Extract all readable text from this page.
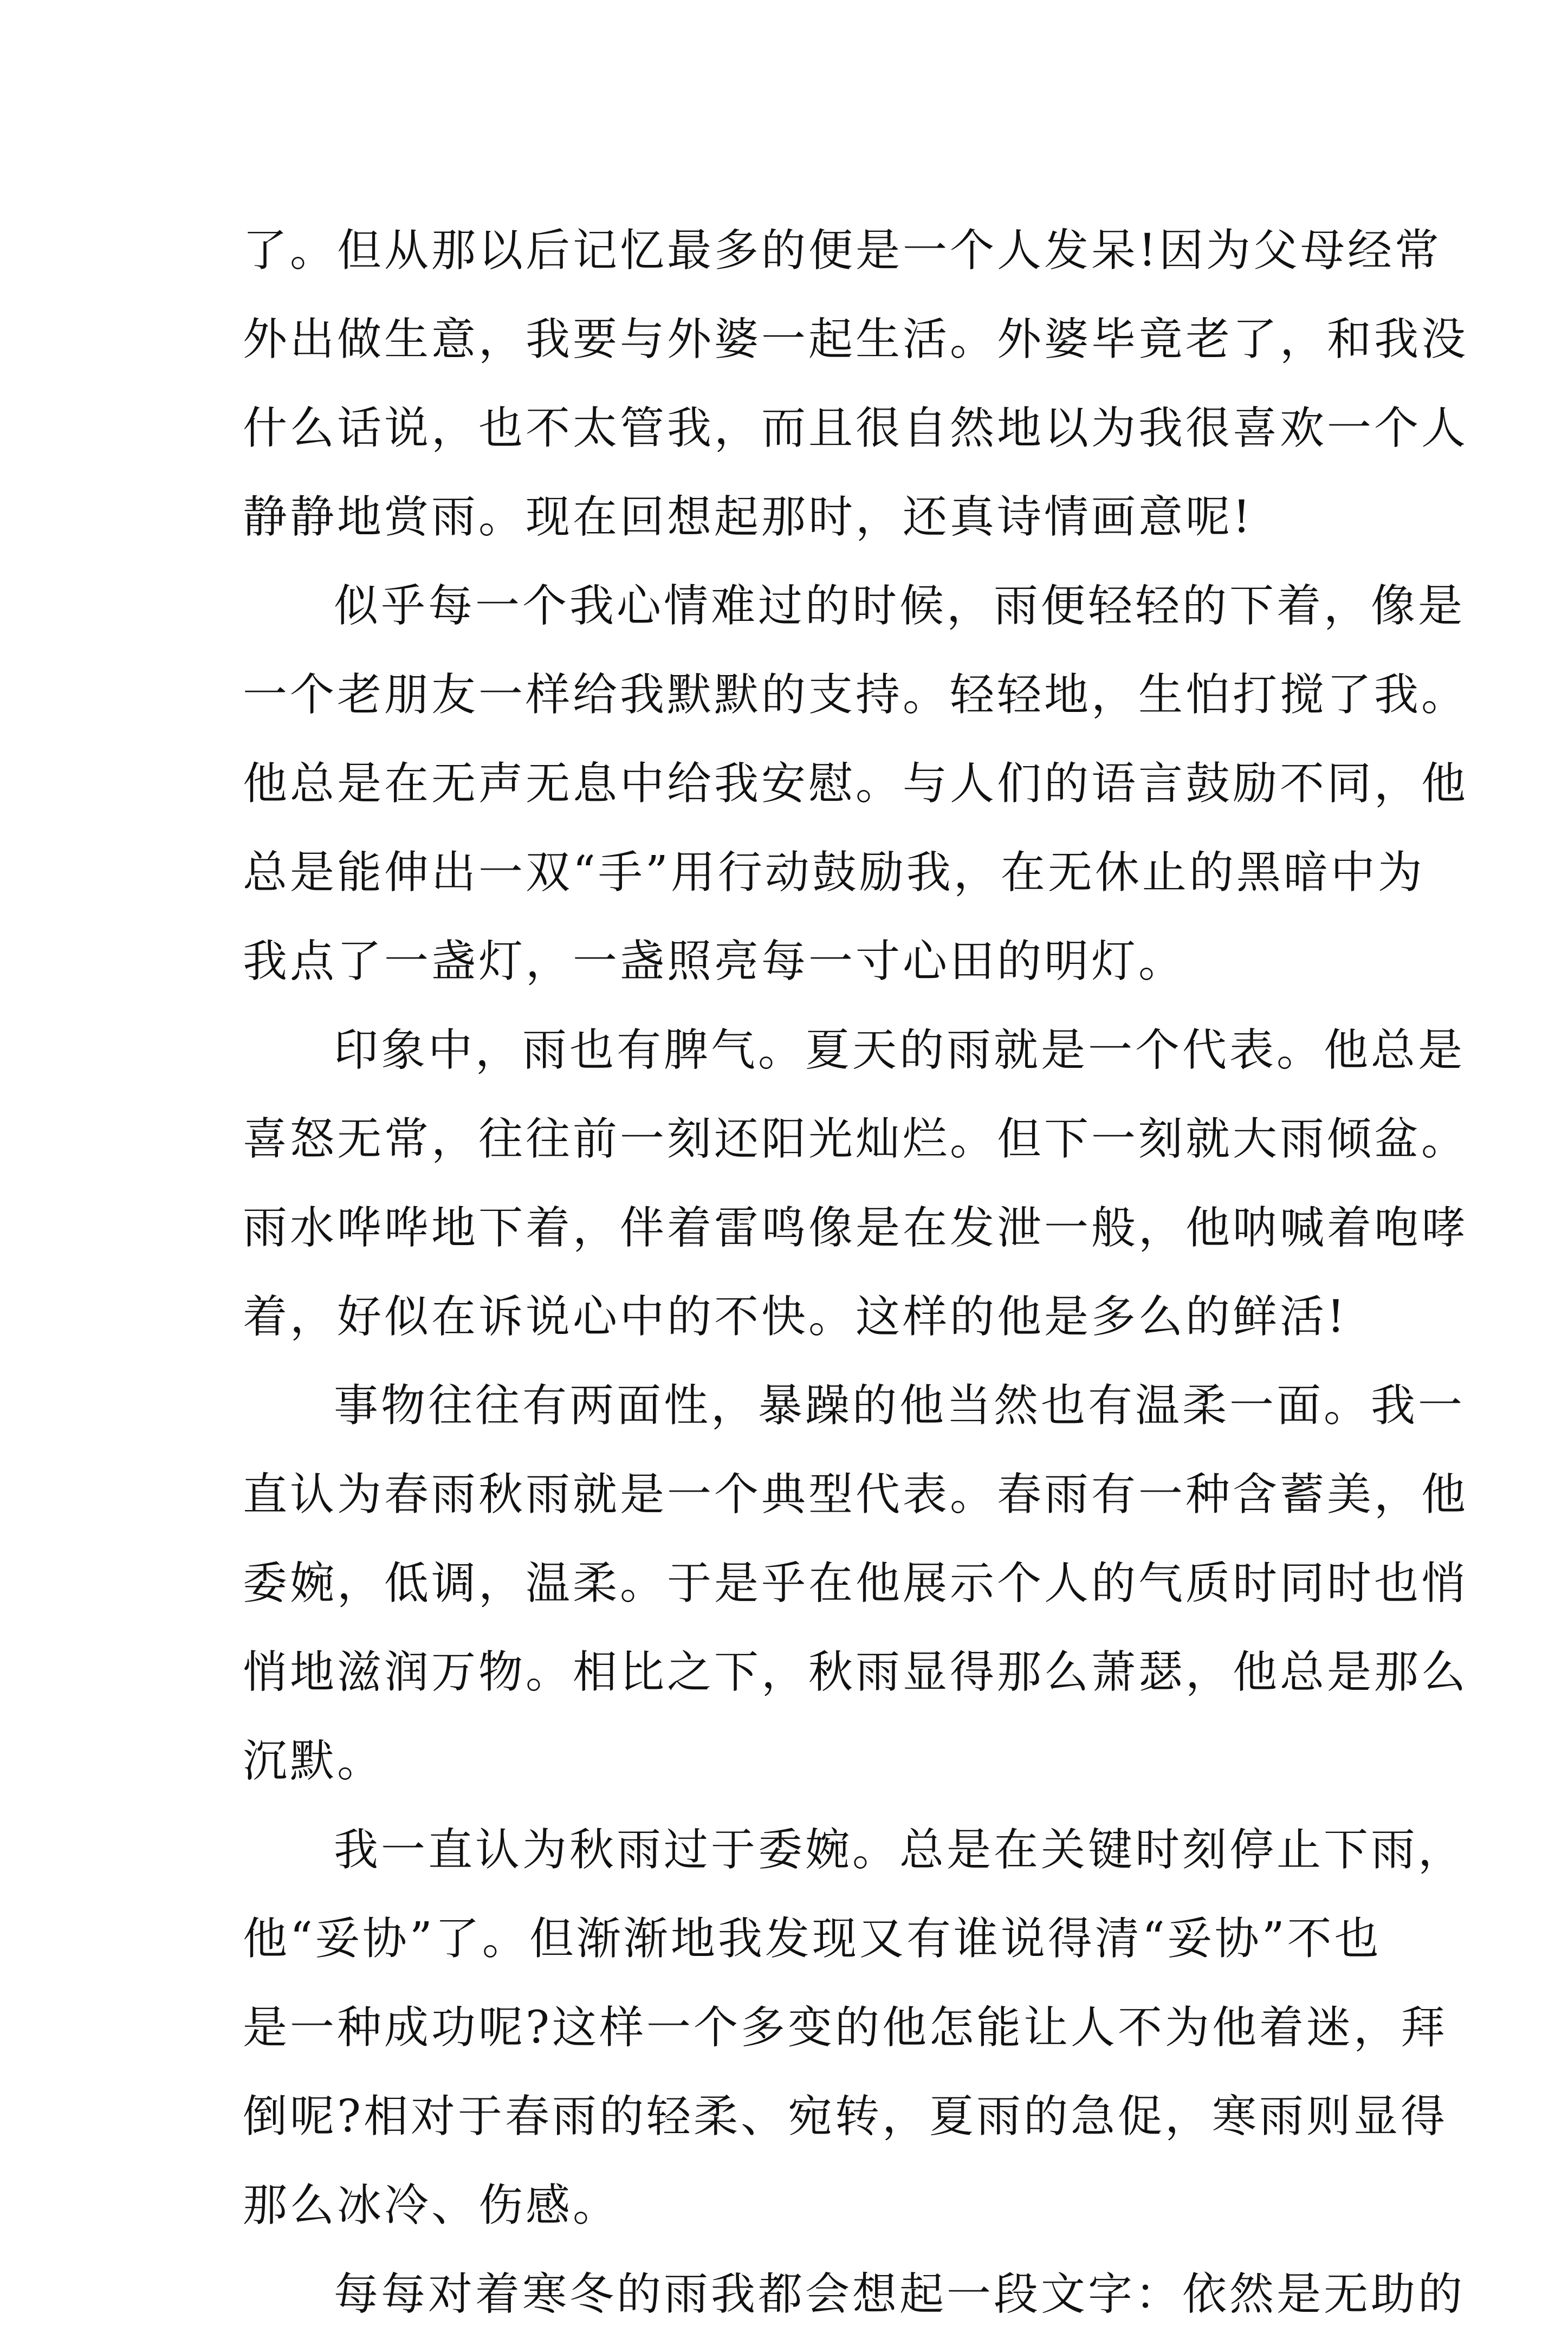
了。但从那以后记忆最多的便是一个人发呆!因为父母经常
外出做生意，我要与外婆一起生活。外婆毕竟老了，和我没
什么话说，也不太管我，而且很自然地以为我很喜欢一个人
静静地赏雨。现在回想起那时，还真诗情画意呢!
似乎每一个我心情难过的时候，雨便轻轻的下着，像是
一个老朋友一样给我默默的支持。轻轻地，生怕打搅了我。
他总是在无声无息中给我安慰。与人们的语言鼓励不同，他
总是能伸出一双“手”用行动鼓励我，在无休止的黑暗中为
我点了一盏灯，一盏照亮每一寸心田的明灯。
印象中，雨也有脾气。夏天的雨就是一个代表。他总是
喜怒无常，往往前一刻还阳光灿烂。但下一刻就大雨倾盆。
雨水哗哗地下着，伴着雷鸣像是在发泄一般，他呐喊着咆哮
着，好似在诉说心中的不快。这样的他是多么的鲜活!
事物往往有两面性，暴躁的他当然也有温柔一面。我一
直认为春雨秋雨就是一个典型代表。春雨有一种含蓄美，他
委婉，低调，温柔。于是乎在他展示个人的气质时同时也悄
悄地滋润万物。相比之下，秋雨显得那么萧瑟，他总是那么
沉默。
我一直认为秋雨过于委婉。总是在关键时刻停止下雨，
他“妥协”了。但渐渐地我发现又有谁说得清“妥协”不也
是一种成功呢?这样一个多变的他怎能让人不为他着迷，拜
倒呢?相对于春雨的轻柔、宛转，夏雨的急促，寒雨则显得
那么冰冷、伤感。
每每对着寒冬的雨我都会想起一段文字：依然是无助的
